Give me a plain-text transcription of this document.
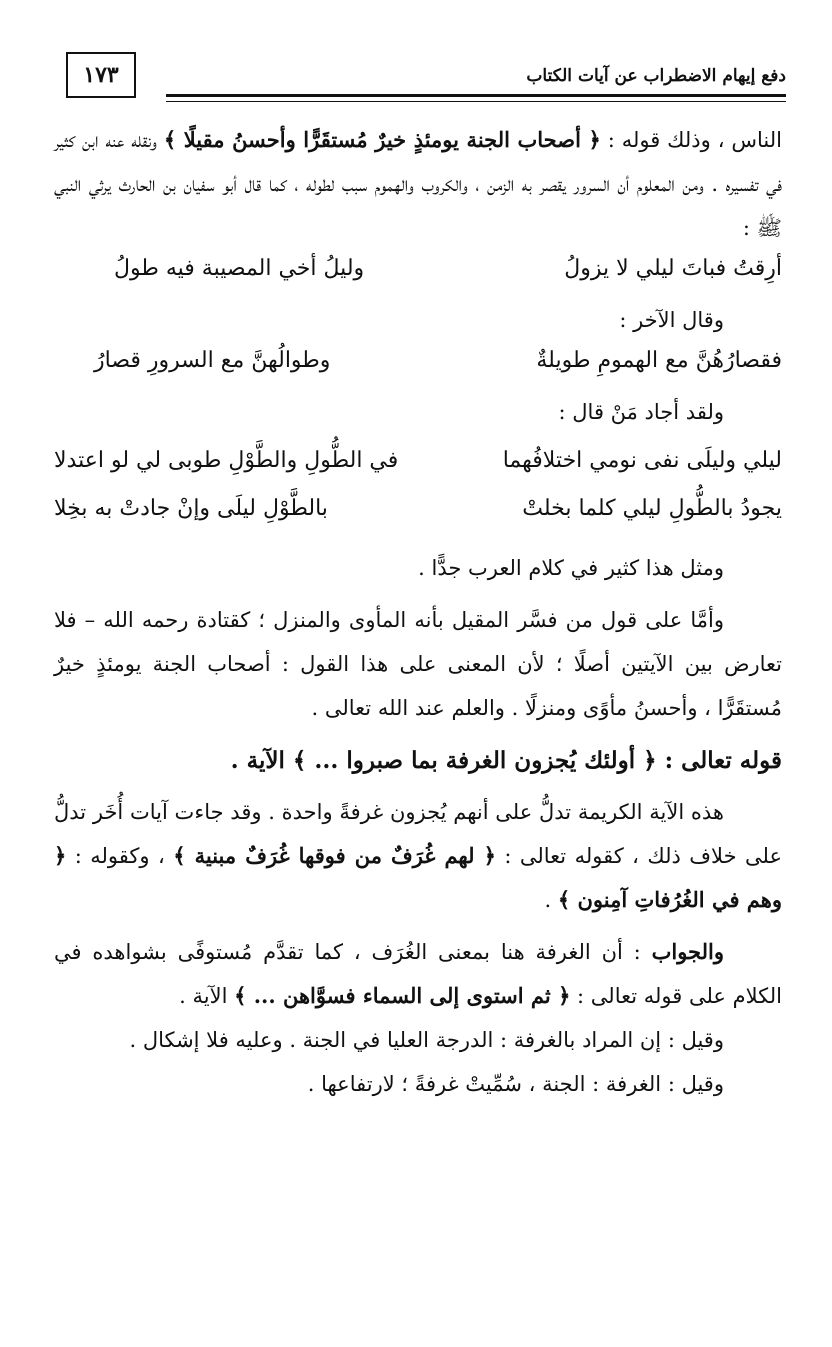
١٧٣	دفع إيهام الاضطراب عن آيات الكتاب

الناس ، وذلك قوله : ﴿ أصحاب الجنة يومئذٍ خيرٌ مُستقَرًّا وأحسنُ مقيلًا ﴾ ونقله عنه ابن كثير في تفسيره . ومن المعلوم أن السرور يقصر به الزمن ، والكروب والهموم سبب لطوله ، كما قال أبو سفيان بن الحارث يرثي النبي ﷺ :

أرِقتُ فباتَ ليلي لا يزولُ
وليلُ أخي المصيبة فيه طولُ

وقال الآخر :

فقصارُهُنَّ مع الهمومِ طويلةٌ
وطوالُهنَّ مع السرورِ قصارُ

ولقد أجاد مَنْ قال :

ليلي وليلَى نفى نومي اختلافُهما
في الطُّولِ والطَّوْلِ طوبى لي لو اعتدلا
يجودُ بالطُّولِ ليلي كلما بخلتْ
بالطَّوْلِ ليلَى وإنْ جادتْ به بخِلا

ومثل هذا كثير في كلام العرب جدًّا .

وأمَّا على قول من فسَّر المقيل بأنه المأوى والمنزل ؛ كقتادة رحمه الله – فلا تعارض بين الآيتين أصلًا ؛ لأن المعنى على هذا القول : أصحاب الجنة يومئذٍ خيرٌ مُستقَرًّا ، وأحسنُ مأوًى ومنزلًا . والعلم عند الله تعالى .

قوله تعالى : ﴿ أولئك يُجزون الغرفة بما صبروا ... ﴾ الآية .

هذه الآية الكريمة تدلُّ على أنهم يُجزون غرفةً واحدة . وقد جاءت آيات أُخَر تدلُّ على خلاف ذلك ، كقوله تعالى : ﴿ لهم غُرَفٌ من فوقها غُرَفٌ مبنية ﴾ ، وكقوله : ﴿ وهم في الغُرُفاتِ آمِنون ﴾ .

والجواب : أن الغرفة هنا بمعنى الغُرَف ، كما تقدَّم مُستوفًى بشواهده في الكلام على قوله تعالى : ﴿ ثم استوى إلى السماء فسوَّاهن ... ﴾ الآية .

وقيل : إن المراد بالغرفة : الدرجة العليا في الجنة . وعليه فلا إشكال .

وقيل : الغرفة : الجنة ، سُمِّيتْ غرفةً ؛ لارتفاعها .
